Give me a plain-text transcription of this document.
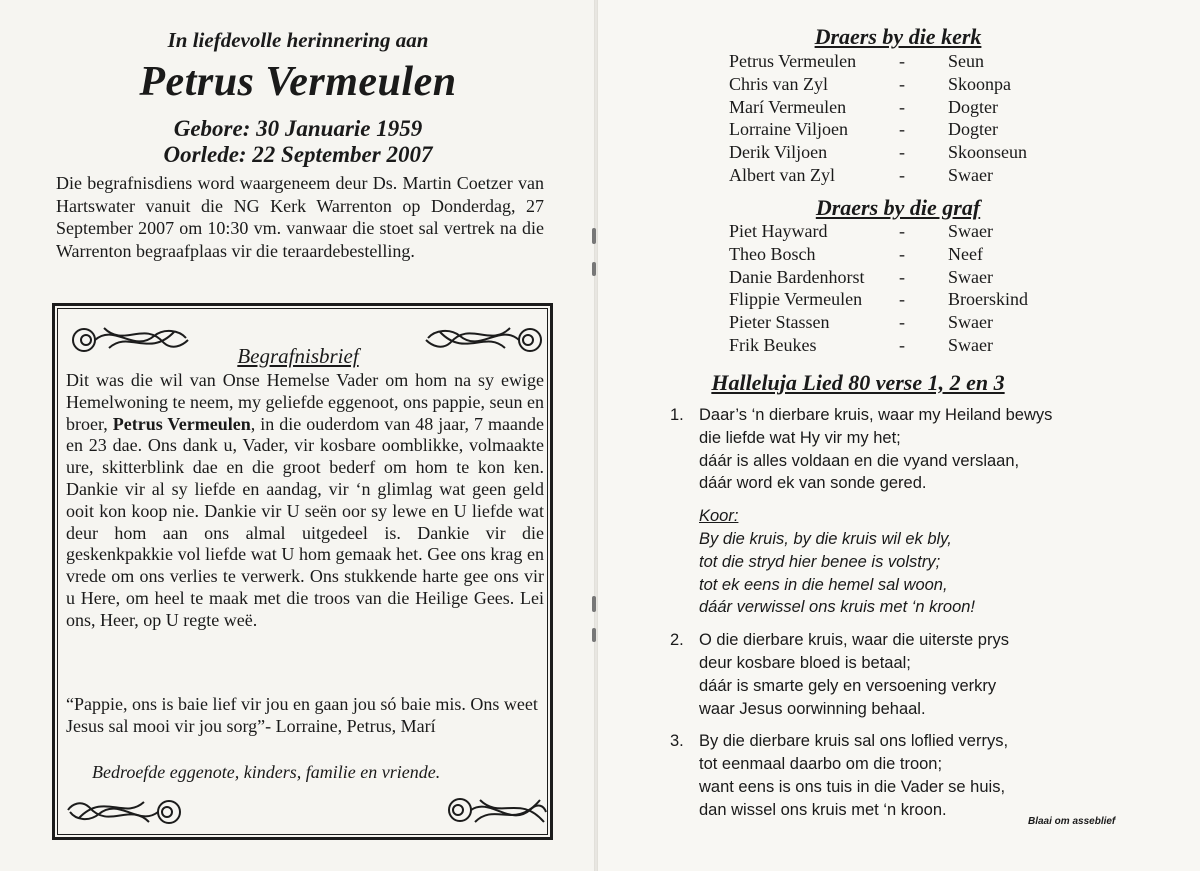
In liefdevolle herinnering aan
Petrus Vermeulen
Gebore: 30 Januarie 1959
Oorlede: 22 September 2007
Die begrafnisdiens word waargeneem deur Ds. Martin Coetzer van Hartswater vanuit die NG Kerk Warrenton op Donderdag, 27 September 2007 om 10:30 vm. vanwaar die stoet sal vertrek na die Warrenton begraafplaas vir die teraardebestelling.
Begrafnisbrief

Dit was die wil van Onse Hemelse Vader om hom na sy ewige Hemelwoning te neem, my geliefde eggenoot, ons pappie, seun en broer, Petrus Vermeulen, in die ouderdom van 48 jaar, 7 maande en 23 dae. Ons dank u, Vader, vir kosbare oomblikke, volmaakte ure, skitterblink dae en die groot bederf om hom te kon ken. Dankie vir al sy liefde en aandag, vir ‘n glimlag wat geen geld ooit kon koop nie. Dankie vir U seën oor sy lewe en U liefde wat deur hom aan ons almal uitgedeel is. Dankie vir die geskenkpakkie vol liefde wat U hom gemaak het. Gee ons krag en vrede om ons verlies te verwerk. Ons stukkende harte gee ons vir u Here, om heel te maak met die troos van die Heilige Gees. Lei ons, Heer, op U regte weë.

“Pappie, ons is baie lief vir jou en gaan jou só baie mis. Ons weet Jesus sal mooi vir jou sorg”- Lorraine, Petrus, Marí
Bedroefde eggenote, kinders, familie en vriende.
Draers by die kerk
Petrus Vermeulen - Seun
Chris van Zyl	- Skoonpa
Marí Vermeulen	- Dogter
Lorraine Viljoen	- Dogter
Derik Viljoen	- Skoonseun
Albert van Zyl	- Swaer
Draers by die graf
Piet Hayward	- Swaer
Theo Bosch	- Neef
Danie Bardenhorst - Swaer
Flippie Vermeulen - Broerskind
Pieter Stassen	- Swaer
Frik Beukes	- Swaer
Halleluja Lied 80 verse 1, 2 en 3
1. Daar’s ‘n dierbare kruis, waar my Heiland bewys
die liefde wat Hy vir my het;
dáár is alles voldaan en die vyand verslaan,
dáár word ek van sonde gered.
Koor:
By die kruis, by die kruis wil ek bly,
tot die stryd hier benee is volstry;
tot ek eens in die hemel sal woon,
dáár verwissel ons kruis met ‘n kroon!
2. O die dierbare kruis, waar die uiterste prys
deur kosbare bloed is betaal;
dáár is smarte gely en versoening verkry
waar Jesus oorwinning behaal.
3. By die dierbare kruis sal ons loflied verrys,
tot eenmaal daarbo om die troon;
want eens is ons tuis in die Vader se huis,
dan wissel ons kruis met ‘n kroon.
Blaai om asseblief
